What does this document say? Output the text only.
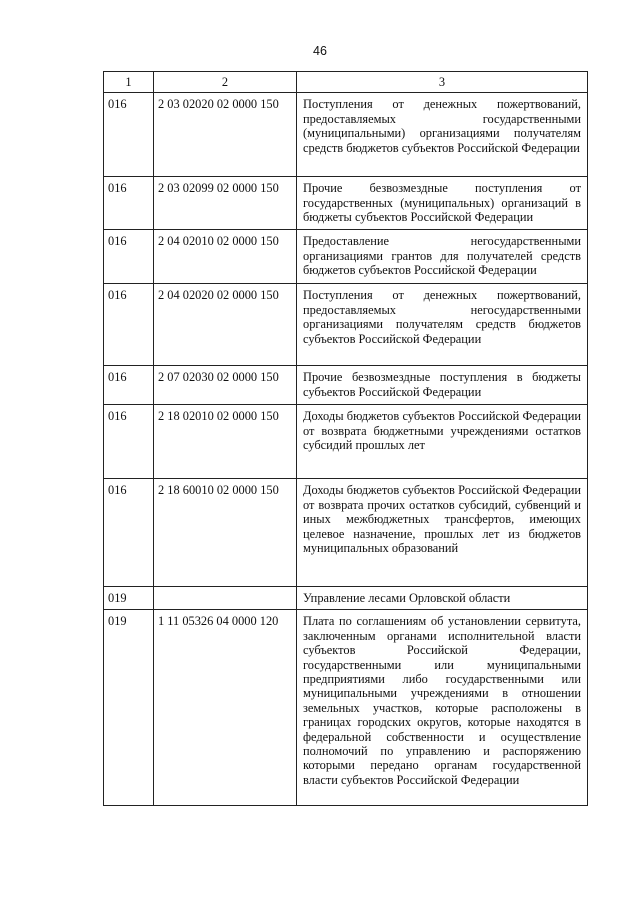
46
1	2	3
016	2 03 02020 02 0000 150	Поступления от денежных пожертвований, предоставляемых государственными (муниципальными) организациями получателям средств бюджетов субъектов Российской Федерации
016	2 03 02099 02 0000 150	Прочие безвозмездные поступления от государственных (муниципальных) организаций в бюджеты субъектов Российской Федерации
016	2 04 02010 02 0000 150	Предоставление негосударственными организациями грантов для получателей средств бюджетов субъектов Российской Федерации
016	2 04 02020 02 0000 150	Поступления от денежных пожертвований, предоставляемых негосударственными организациями получателям средств бюджетов субъектов Российской Федерации
016	2 07 02030 02 0000 150	Прочие безвозмездные поступления в бюджеты субъектов Российской Федерации
016	2 18 02010 02 0000 150	Доходы бюджетов субъектов Российской Федерации от возврата бюджетными учреждениями остатков субсидий прошлых лет
016	2 18 60010 02 0000 150	Доходы бюджетов субъектов Российской Федерации от возврата прочих остатков субсидий, субвенций и иных межбюджетных трансфертов, имеющих целевое назначение, прошлых лет из бюджетов муниципальных образований
019		Управление лесами Орловской области
019	1 11 05326 04 0000 120	Плата по соглашениям об установлении сервитута, заключенным органами исполнительной власти субъектов Российской Федерации, государственными или муниципальными предприятиями либо государственными или муниципальными учреждениями в отношении земельных участков, которые расположены в границах городских округов, которые находятся в федеральной собственности и осуществление полномочий по управлению и распоряжению которыми передано органам государственной власти субъектов Российской Федерации
